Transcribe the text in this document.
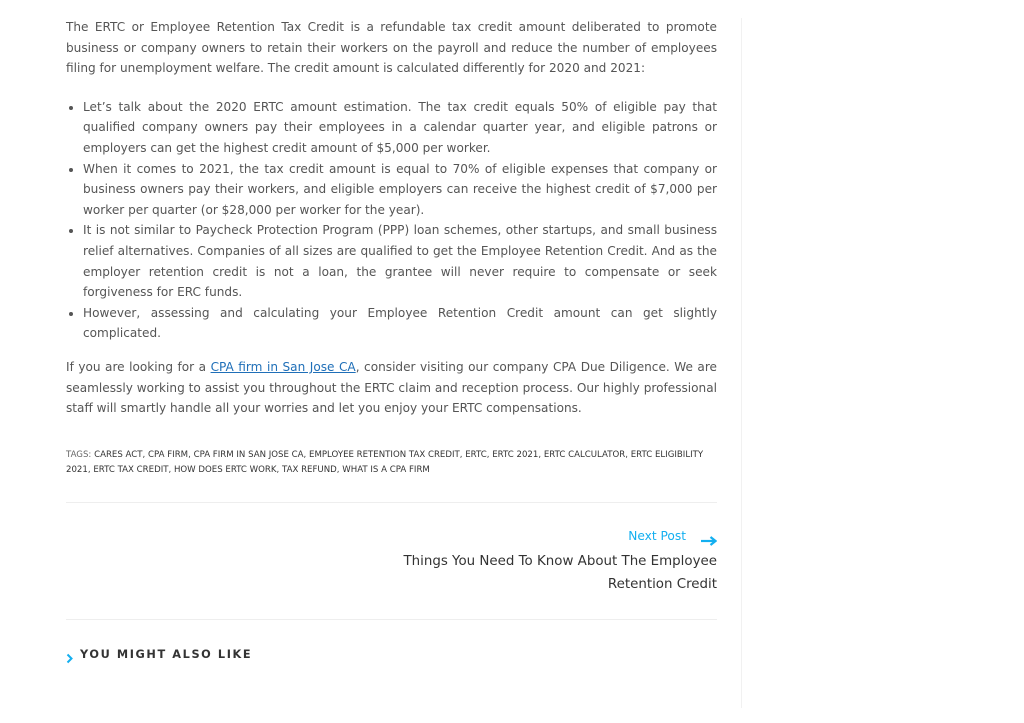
The ERTC or Employee Retention Tax Credit is a refundable tax credit amount deliberated to promote business or company owners to retain their workers on the payroll and reduce the number of employees filing for unemployment welfare. The credit amount is calculated differently for 2020 and 2021:

• Let’s talk about the 2020 ERTC amount estimation. The tax credit equals 50% of eligible pay that qualified company owners pay their employees in a calendar quarter year, and eligible patrons or employers can get the highest credit amount of $5,000 per worker.
• When it comes to 2021, the tax credit amount is equal to 70% of eligible expenses that company or business owners pay their workers, and eligible employers can receive the highest credit of $7,000 per worker per quarter (or $28,000 per worker for the year).
• It is not similar to Paycheck Protection Program (PPP) loan schemes, other startups, and small business relief alternatives. Companies of all sizes are qualified to get the Employee Retention Credit. And as the employer retention credit is not a loan, the grantee will never require to compensate or seek forgiveness for ERC funds.
• However, assessing and calculating your Employee Retention Credit amount can get slightly complicated.

If you are looking for a CPA firm in San Jose CA, consider visiting our company CPA Due Diligence. We are seamlessly working to assist you throughout the ERTC claim and reception process. Our highly professional staff will smartly handle all your worries and let you enjoy your ERTC compensations.

TAGS: CARES ACT, CPA FIRM, CPA FIRM IN SAN JOSE CA, EMPLOYEE RETENTION TAX CREDIT, ERTC, ERTC 2021, ERTC CALCULATOR, ERTC ELIGIBILITY 2021, ERTC TAX CREDIT, HOW DOES ERTC WORK, TAX REFUND, WHAT IS A CPA FIRM
Next Post
Things You Need To Know About The Employee Retention Credit
YOU MIGHT ALSO LIKE
